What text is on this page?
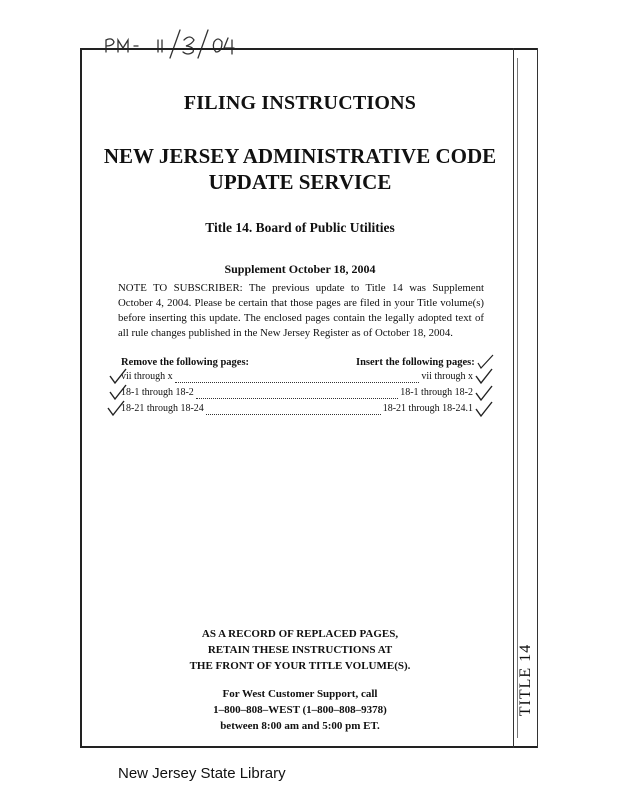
FILING INSTRUCTIONS
NEW JERSEY ADMINISTRATIVE CODE
UPDATE SERVICE
Title 14. Board of Public Utilities
Supplement October 18, 2004
NOTE TO SUBSCRIBER: The previous update to Title 14 was Supplement October 4, 2004. Please be certain that those pages are filed in your Title volume(s) before inserting this update. The enclosed pages contain the legally adopted text of all rule changes published in the New Jersey Register as of October 18, 2004.
Remove the following pages:	Insert the following pages:
vii through x	vii through x
18-1 through 18-2	18-1 through 18-2
18-21 through 18-24	18-21 through 18-24.1
AS A RECORD OF REPLACED PAGES,
RETAIN THESE INSTRUCTIONS AT
THE FRONT OF YOUR TITLE VOLUME(S).
For West Customer Support, call
1–800–808–WEST (1–800–808–9378)
between 8:00 am and 5:00 pm ET.
TITLE 14
New Jersey State Library
